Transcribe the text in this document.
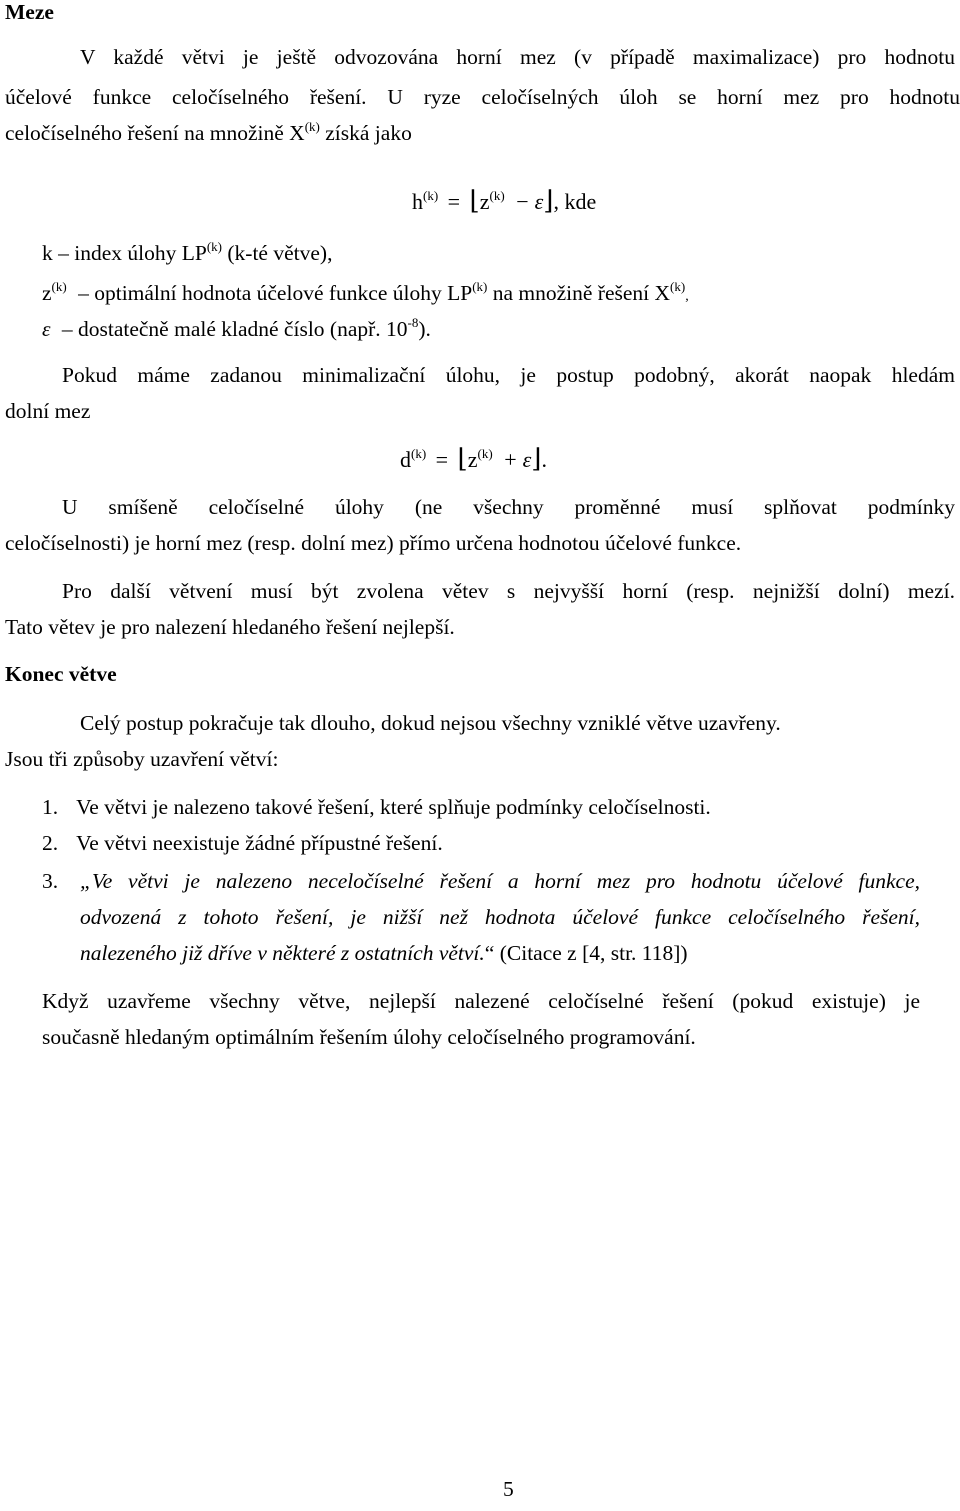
Meze
V každé větvi je ještě odvozována horní mez (v případě maximalizace) pro hodnotu
účelové funkce celočíselného řešení. U ryze celočíselných úloh se horní mez pro hodnotu
celočíselného řešení na množině $X^{(k)}$ získá jako
$h^{(k)}$ = $⌊z^{(k)}$ − ε⌋, kde
k – index úlohy LP$^{(k)}$ (k-té větve),
$z^{(k)}$ – optimální hodnota účelové funkce úlohy LP$^{(k)}$ na množině řešení $X^{(k)}$,
ε – dostatečně malé kladné číslo (např. $10^{-8}$).
Pokud máme zadanou minimalizační úlohu, je postup podobný, akorát naopak hledám
dolní mez
$d^{(k)}$ = $⌊z^{(k)}$ + ε⌋.
U smíšeně celočíselné úlohy (ne všechny proměnné musí splňovat podmínky
celočíselnosti) je horní mez (resp. dolní mez) přímo určena hodnotou účelové funkce.
Pro další větvení musí být zvolena větev s nejvyšší horní (resp. nejnižší dolní) mezí.
Tato větev je pro nalezení hledaného řešení nejlepší.
Konec větve
Celý postup pokračuje tak dlouho, dokud nejsou všechny vzniklé větve uzavřeny.
Jsou tři způsoby uzavření větví:
1. Ve větvi je nalezeno takové řešení, které splňuje podmínky celočíselnosti.
2. Ve větvi neexistuje žádné přípustné řešení.
3. „Ve větvi je nalezeno neceločíselné řešení a horní mez pro hodnotu účelové funkce,
odvozená z tohoto řešení, je nižší než hodnota účelové funkce celočíselného řešení,
nalezeného již dříve v některé z ostatních větví.“ (Citace z [4, str. 118])
Když uzavřeme všechny větve, nejlepší nalezené celočíselné řešení (pokud existuje) je
současně hledaným optimálním řešením úlohy celočíselného programování.
5
